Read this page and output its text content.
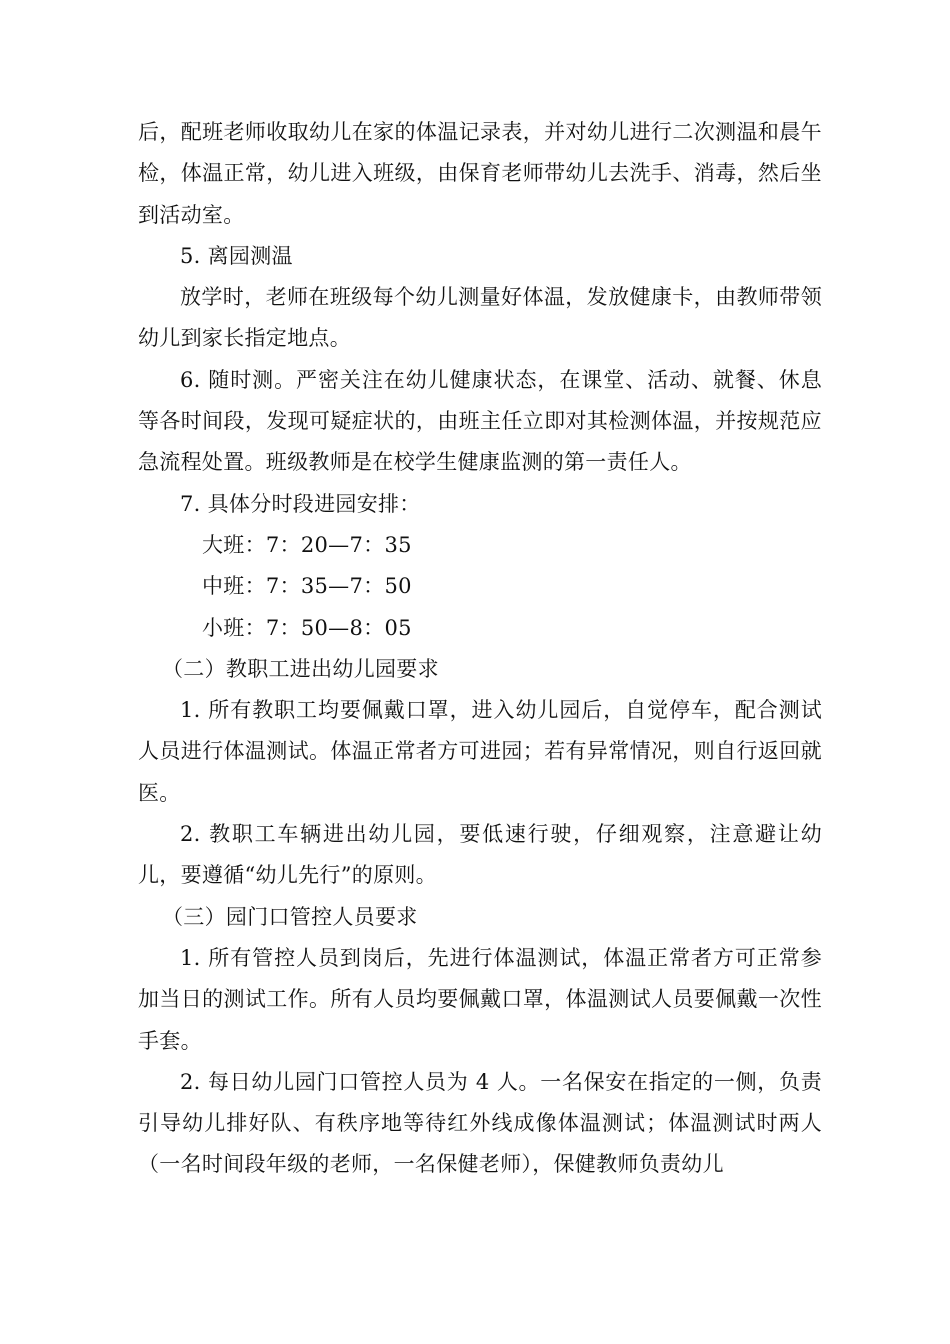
后，配班老师收取幼儿在家的体温记录表，并对幼儿进行二次测温和晨午检，体温正常，幼儿进入班级，由保育老师带幼儿去洗手、消毒，然后坐到活动室。

5. 离园测温

放学时，老师在班级每个幼儿测量好体温，发放健康卡，由教师带领幼儿到家长指定地点。

6. 随时测。严密关注在幼儿健康状态，在课堂、活动、就餐、休息等各时间段，发现可疑症状的，由班主任立即对其检测体温，并按规范应急流程处置。班级教师是在校学生健康监测的第一责任人。

7. 具体分时段进园安排：

大班：7：20—7：35

中班：7：35—7：50

小班：7：50—8：05

（二）教职工进出幼儿园要求

1. 所有教职工均要佩戴口罩，进入幼儿园后，自觉停车，配合测试人员进行体温测试。体温正常者方可进园；若有异常情况，则自行返回就医。

2. 教职工车辆进出幼儿园，要低速行驶，仔细观察，注意避让幼儿，要遵循“幼儿先行”的原则。

（三）园门口管控人员要求

1. 所有管控人员到岗后，先进行体温测试，体温正常者方可正常参加当日的测试工作。所有人员均要佩戴口罩，体温测试人员要佩戴一次性手套。

2. 每日幼儿园门口管控人员为 4 人。一名保安在指定的一侧，负责引导幼儿排好队、有秩序地等待红外线成像体温测试；体温测试时两人（一名时间段年级的老师，一名保健老师），保健教师负责幼儿
